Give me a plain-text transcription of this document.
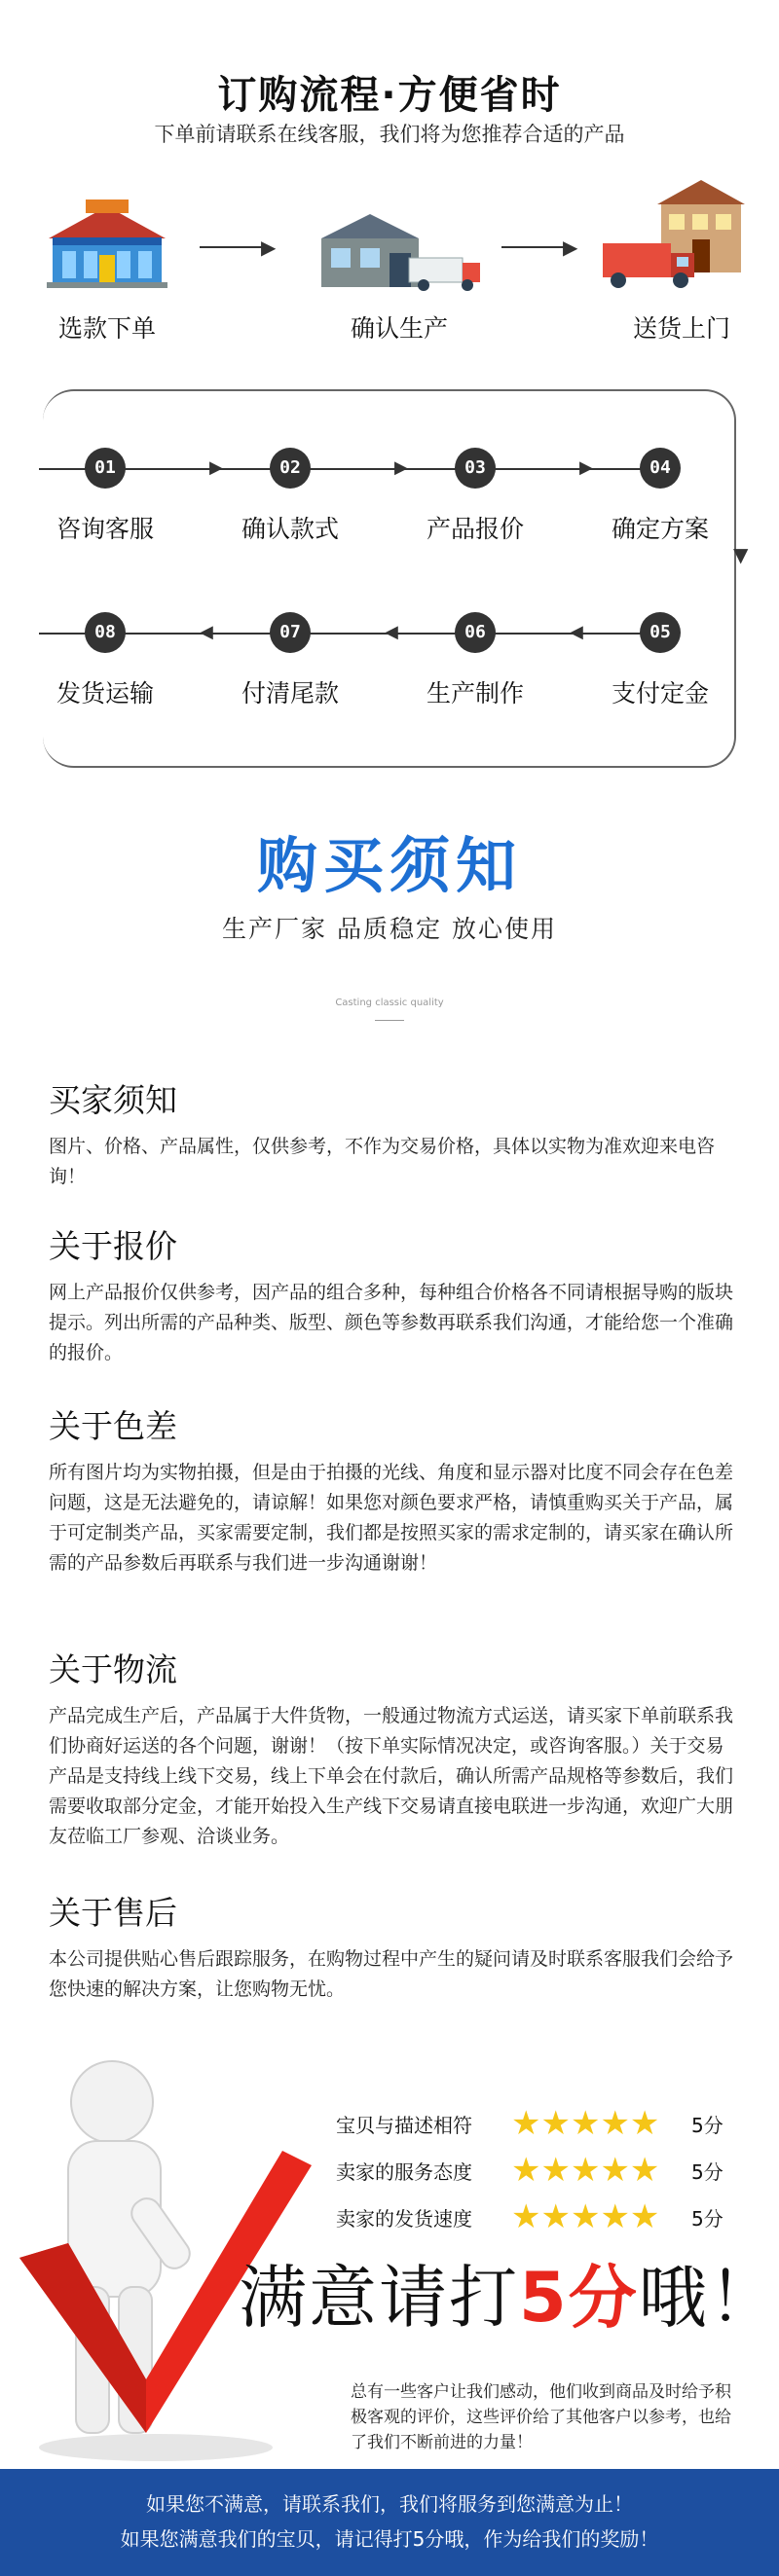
订购流程·方便省时
下单前请联系在线客服，我们将为您推荐合适的产品
▶	▶
选款下单	确认生产	送货上门
▼
▶	▶	▶
◀	◀	◀
01
咨询客服
02
确认款式
03
产品报价
04
确定方案
05
支付定金
06
生产制作
07
付清尾款
08
发货运输
购买须知
生产厂家 品质稳定 放心使用
Casting classic quality
买家须知
图片、价格、产品属性，仅供参考，不作为交易价格，具体以实物为准欢迎来电咨询！
关于报价
网上产品报价仅供参考，因产品的组合多种，每种组合价格各不同请根据导购的版块提示。列出所需的产品种类、版型、颜色等参数再联系我们沟通，才能给您一个准确的报价。
关于色差
所有图片均为实物拍摄，但是由于拍摄的光线、角度和显示器对比度不同会存在色差问题，这是无法避免的，请谅解！如果您对颜色要求严格，请慎重购买关于产品，属于可定制类产品，买家需要定制，我们都是按照买家的需求定制的，请买家在确认所需的产品参数后再联系与我们进一步沟通谢谢！
关于物流
产品完成生产后，产品属于大件货物，一般通过物流方式运送，请买家下单前联系我们协商好运送的各个问题，谢谢！（按下单实际情况决定，或咨询客服。）关于交易产品是支持线上线下交易，线上下单会在付款后，确认所需产品规格等参数后，我们需要收取部分定金，才能开始投入生产线下交易请直接电联进一步沟通，欢迎广大朋友莅临工厂参观、洽谈业务。
关于售后
本公司提供贴心售后跟踪服务，在购物过程中产生的疑问请及时联系客服我们会给予您快速的解决方案，让您购物无忧。
宝贝与描述相符 ★★★★★ 5分
卖家的服务态度 ★★★★★ 5分
卖家的发货速度 ★★★★★ 5分
满意请打5分哦！
总有一些客户让我们感动，他们收到商品及时给予积极客观的评价，这些评价给了其他客户以参考，也给了我们不断前进的力量！
如果您不满意，请联系我们，我们将服务到您满意为止！
如果您满意我们的宝贝，请记得打5分哦，作为给我们的奖励！
